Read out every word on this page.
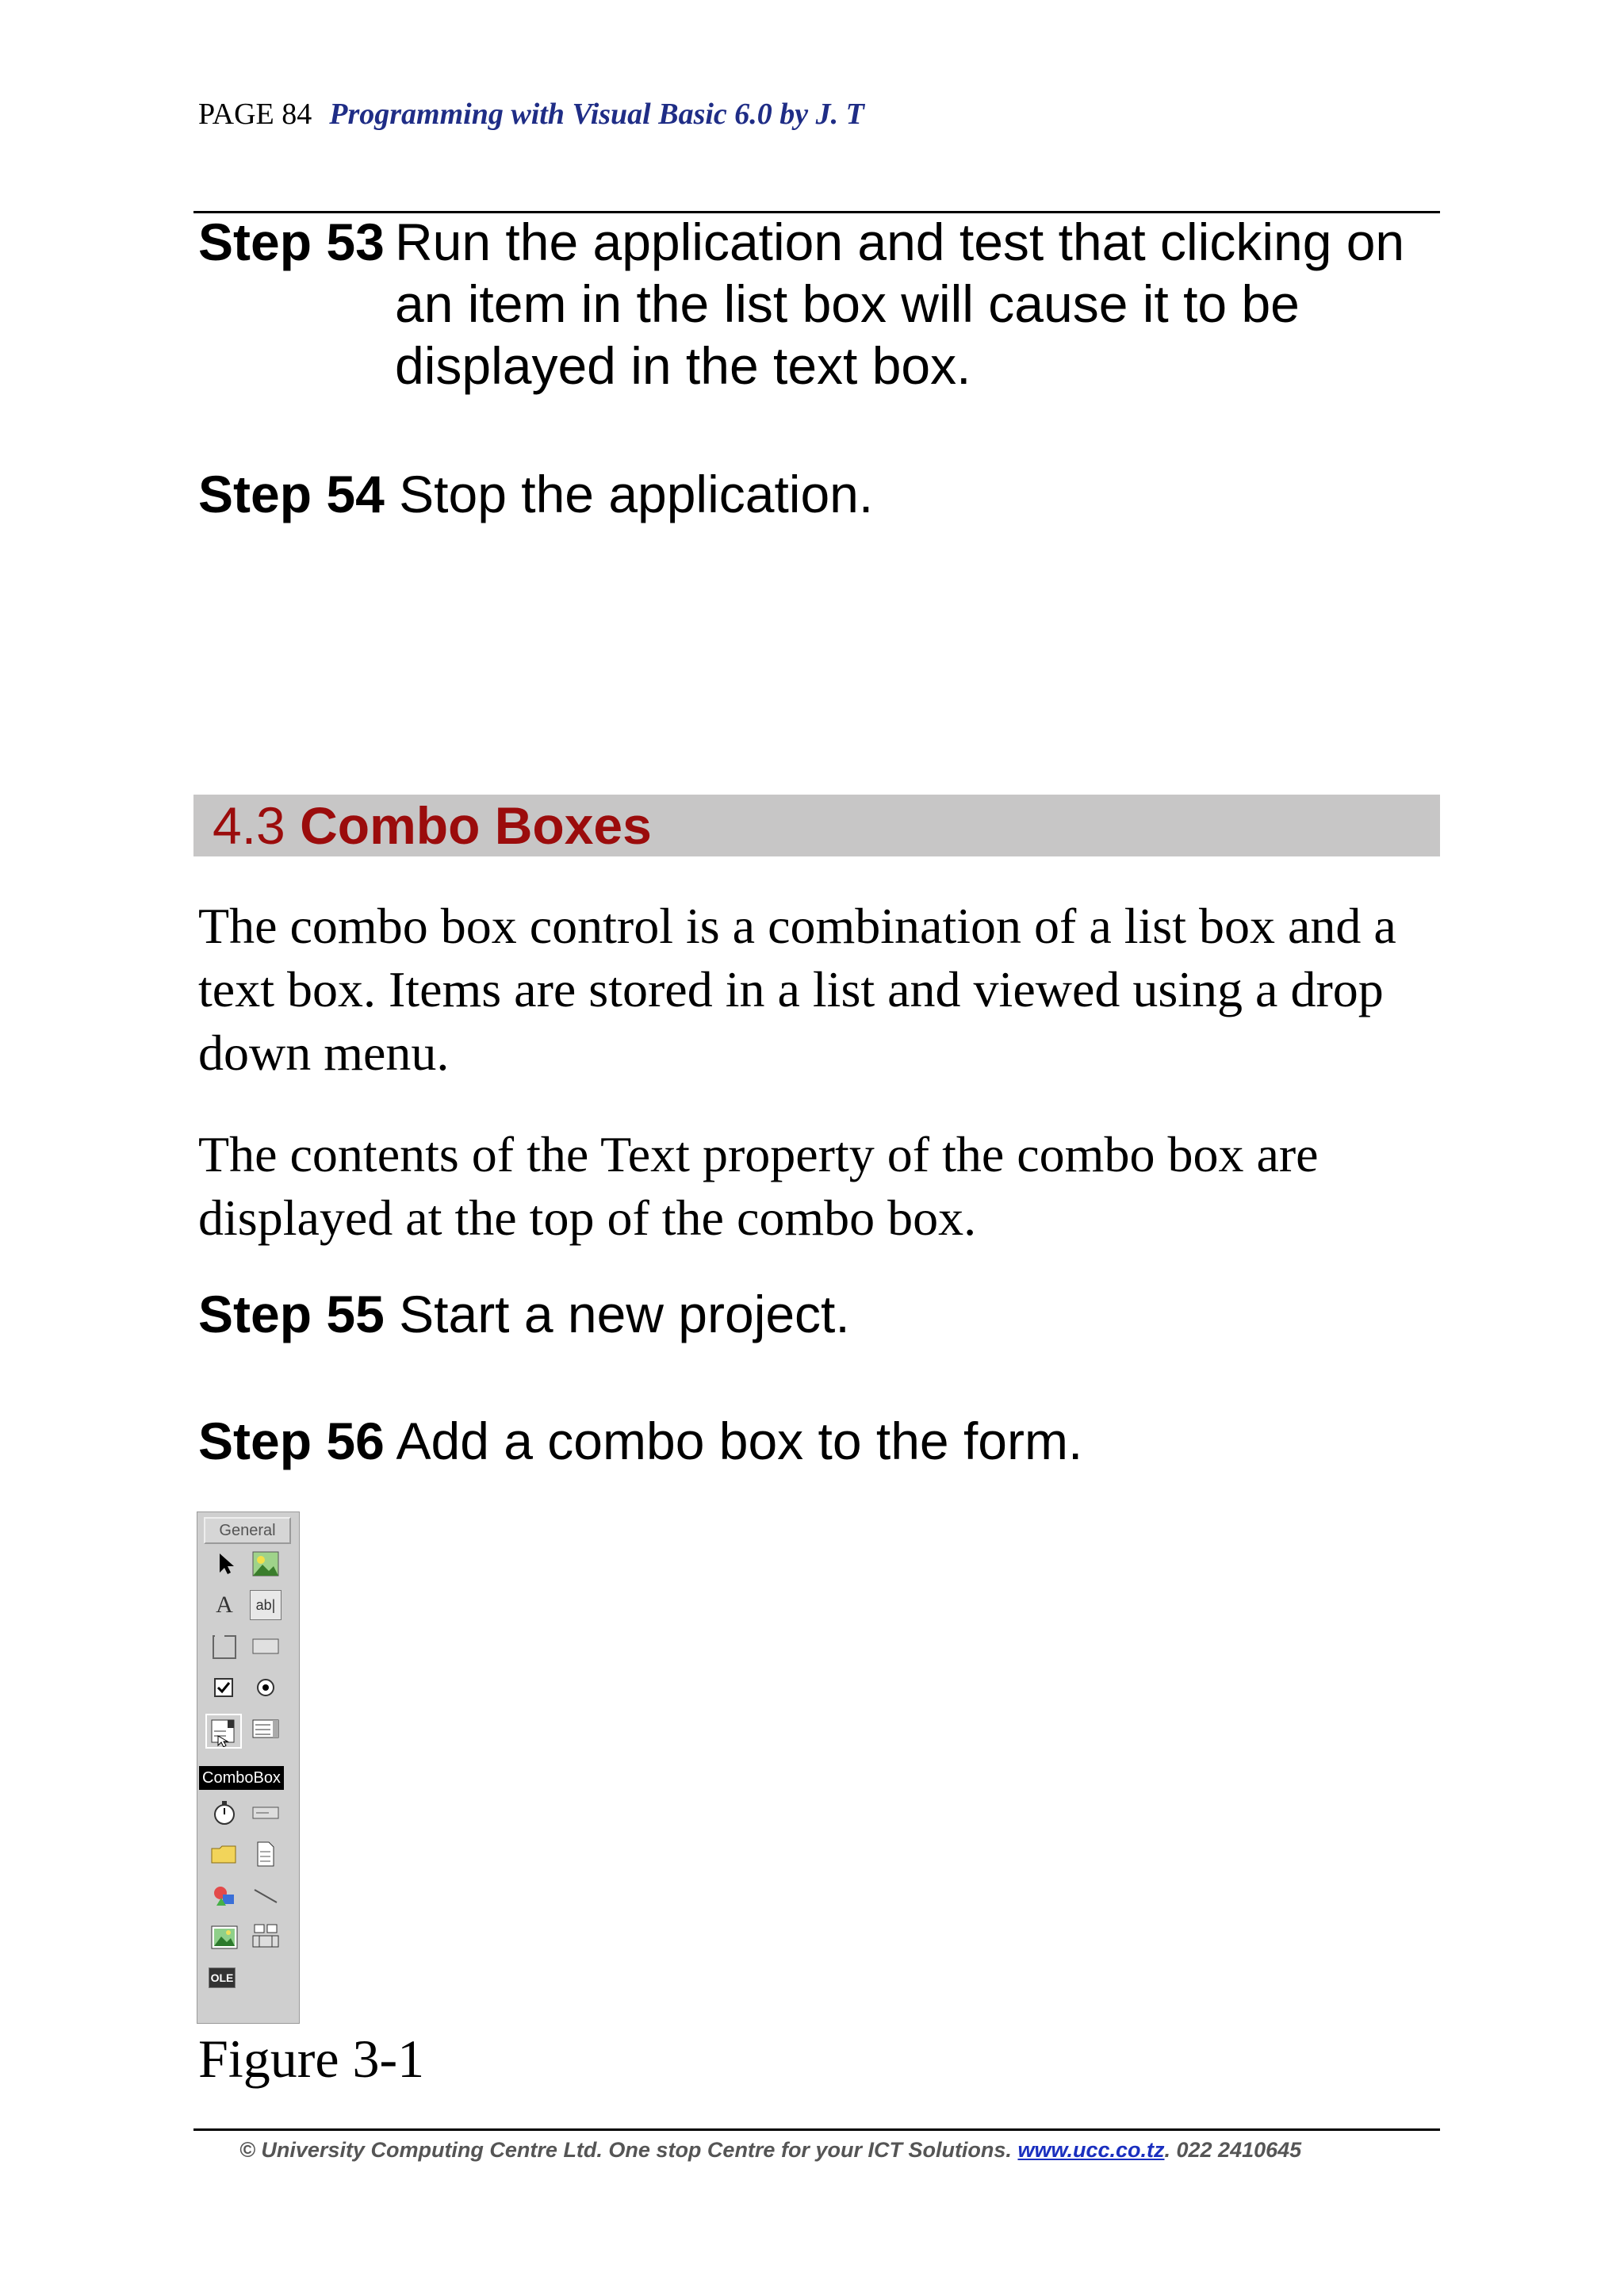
PAGE 84 Programming with Visual Basic 6.0 by J. T
Step 53 Run the application and test that clicking on an item in the list box will cause it to be displayed in the text box.
Step 54 Stop the application.
4.3 Combo Boxes
The combo box control is a combination of a list box and a text box. Items are stored in a list and viewed using a drop down menu.
The contents of the Text property of the combo box are displayed at the top of the combo box.
Step 55 Start a new project.
Step 56 Add a combo box to the form.
General
A	ab|
ComboBox
OLE
Figure 3-1
© University Computing Centre Ltd. One stop Centre for your ICT Solutions. www.ucc.co.tz. 022 2410645
